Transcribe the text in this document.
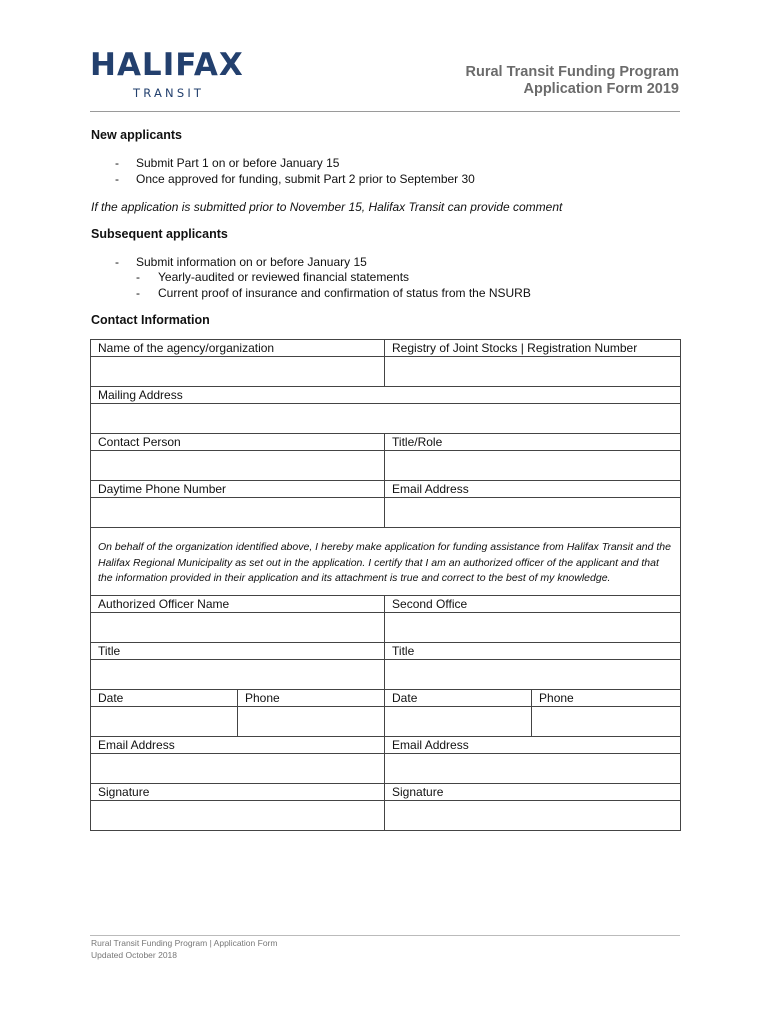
HALIFAX
TRANSIT
Rural Transit Funding Program
Application Form 2019
New applicants
- Submit Part 1 on or before January 15
- Once approved for funding, submit Part 2 prior to September 30
If the application is submitted prior to November 15, Halifax Transit can provide comment
Subsequent applicants
- Submit information on or before January 15
- Yearly-audited or reviewed financial statements
- Current proof of insurance and confirmation of status from the NSURB
Contact Information
Name of the agency/organization		Registry of Joint Stocks | Registration Number	

Mailing Address			

Contact Person		Title/Role	

Daytime Phone Number		Email Address	

On behalf of the organization identified above, I hereby make application for funding assistance from Halifax Transit and the Halifax Regional Municipality as set out in the application. I certify that I am an authorized officer of the applicant and that the information provided in their application and its attachment is true and correct to the best of my knowledge.			
Authorized Officer Name		Second Office	

Title		Title	

Date	Phone	Date	Phone

Email Address		Email Address	

Signature		Signature	

Rural Transit Funding Program | Application Form
Updated October 2018
